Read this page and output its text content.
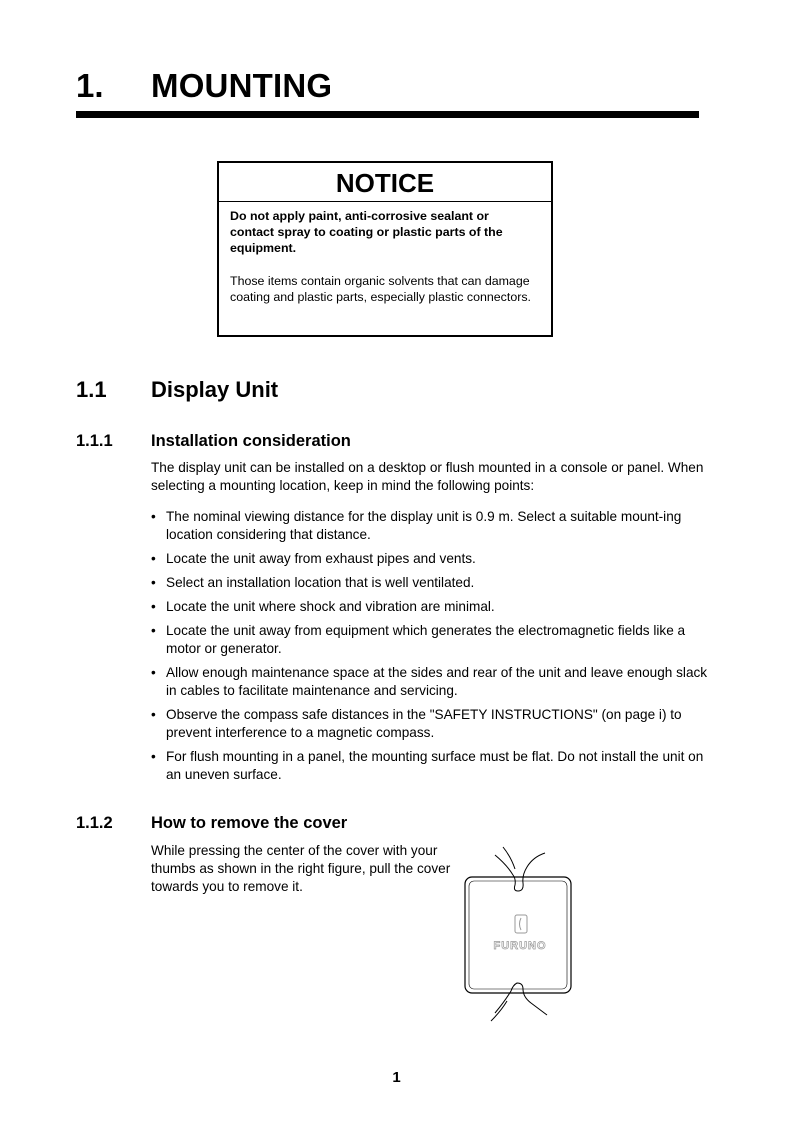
1. MOUNTING
NOTICE
Do not apply paint, anti-corrosive sealant or contact spray to coating or plastic parts of the equipment.
Those items contain organic solvents that can damage coating and plastic parts, especially plastic connectors.
1.1 Display Unit
1.1.1 Installation consideration
The display unit can be installed on a desktop or flush mounted in a console or panel. When selecting a mounting location, keep in mind the following points:
• The nominal viewing distance for the display unit is 0.9 m. Select a suitable mount-ing location considering that distance.
• Locate the unit away from exhaust pipes and vents.
• Select an installation location that is well ventilated.
• Locate the unit where shock and vibration are minimal.
• Locate the unit away from equipment which generates the electromagnetic fields like a motor or generator.
• Allow enough maintenance space at the sides and rear of the unit and leave enough slack in cables to facilitate maintenance and servicing.
• Observe the compass safe distances in the "SAFETY INSTRUCTIONS" (on page i) to prevent interference to a magnetic compass.
• For flush mounting in a panel, the mounting surface must be flat. Do not install the unit on an uneven surface.
1.1.2 How to remove the cover
While pressing the center of the cover with your thumbs as shown in the right figure, pull the cover towards you to remove it.
FURUNO
1
